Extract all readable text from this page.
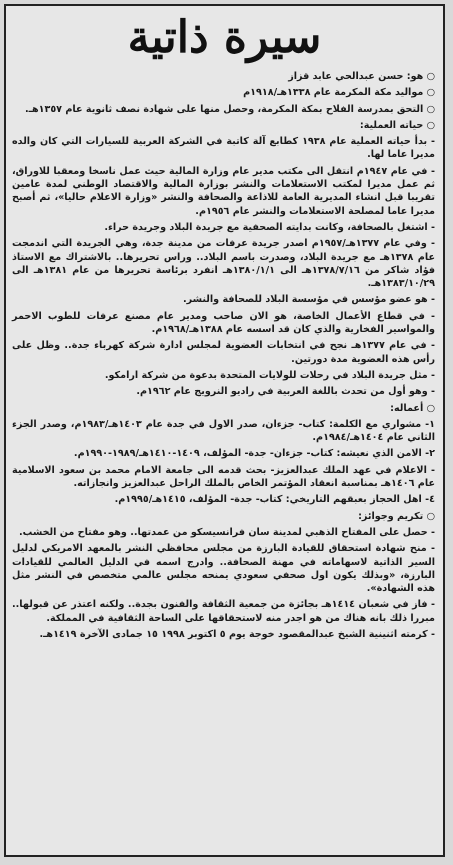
سيرة ذاتية

○ هو: حسن عبدالحي عابد قزاز

○ مواليد مكة المكرمة عام ١٣٣٨هـ/١٩١٨م

○ التحق بمدرسة الفلاح بمكة المكرمة، وحصل منها على شهادة نصف ثانوية عام ١٣٥٧هـ.

○ حياته العملية:

- بدأ حياته العملية عام ١٩٣٨ كطابع آلة كاتبة في الشركة العربية للسيارات التي كان والده مديرا عاما لها.

- في عام ١٩٤٧م انتقل الى مكتب مدير عام وزارة المالية حيث عمل ناسخا ومعقبا للاوراق، ثم عمل مديرا لمكتب الاستعلامات والنشر بوزارة المالية والاقتصاد الوطني لمدة عامين تقريبا قبل انشاء المديرية العامة للاذاعة والصحافة والنشر «وزارة الاعلام حاليا»، ثم أصبح مديرا عاما لمصلحة الاستعلامات والنشر عام ١٩٥٦م.

- اشتغل بالصحافة، وكانت بدايته الصحفية مع جريدة البلاد وجريدة حراء.

- وفي عام ١٣٧٧هـ/١٩٥٧م اصدر جريدة عرفات من مدينة جدة، وهي الجريدة التي اندمجت عام ١٣٧٨هـ مع جريدة البلاد، وصدرت باسم البلاد.. وراس تحريرها.. بالاشتراك مع الاستاذ فؤاد شاكر من ١٣٧٨/٧/١٦هـ الى ١٣٨٠/١/١هـ انفرد برئاسة تحريرها من عام ١٣٨١هـ الى ١٣٨٣/١٠/٢٩هـ.

- هو عضو مؤسس في مؤسسة البلاد للصحافة والنشر.

- في قطاع الأعمال الخاصة، هو الان صاحب ومدير عام مصنع عرفات للطوب الاحمر والمواسير الفخارية والذي كان قد اسسه عام ١٣٨٨هـ/١٩٦٨م.

- في عام ١٣٧٧هـ نجح في انتخابات العضوية لمجلس ادارة شركة كهرباء جدة.. وظل على رأس هذه العضوية مدة دورتين.

- مثل جريدة البلاد في رحلات للولايات المتحدة بدعوة من شركة ارامكو.

- وهو أول من تحدث باللغة العربية في راديو النرويج عام ١٩٦٢م.

○ أعماله:

١- مشواري مع الكلمة: كتاب- جزءان، صدر الاول في جدة عام ١٤٠٣هـ/١٩٨٣م، وصدر الجزء الثاني عام ١٤٠٤هـ/١٩٨٤م.

٢- الامن الذي نعيشه: كتاب- جزءان- جدة- المؤلف، ١٤٠٩-١٤١٠هـ/١٩٨٩-١٩٩٠م.

- الاعلام في عهد الملك عبدالعزيز- بحث قدمه الى جامعة الامام محمد بن سعود الاسلامية عام ١٤٠٦هـ بمناسبة انعقاد المؤتمر الخاص بالملك الراحل عبدالعزيز وانجازاته.

٤- اهل الحجاز بعبقهم التاريخي: كتاب- جدة- المؤلف، ١٤١٥هـ/١٩٩٥م.

○ تكريم وجوائز:

- حصل على المفتاح الذهبي لمدينة سان فرانسيسكو من عمدتها.. وهو مفتاح من الخشب.

- منح شهادة استحقاق للقيادة البارزة من مجلس محافظي النشر بالمعهد الامريكي لدليل السير الذاتية لاسهاماته في مهنة الصحافة.. وادرج اسمه في الدليل العالمي للقيادات البارزة، «وبذلك يكون اول صحفي سعودي يمنحه مجلس عالمي متخصص في النشر مثل هذه الشهادة».

- فاز في شعبان ١٤١٤هـ بجائزة من جمعية الثقافة والفنون بجدة.. ولكنه اعتذر عن قبولها.. مبررا ذلك بانه هناك من هو اجدر منه لاستحقاقها على الساحة الثقافية في المملكة.

- كرمته اثنينية الشيخ عبدالمقصود خوجة يوم ٥ اكتوبر ١٩٩٨ ١٥ جمادى الآخرة ١٤١٩هـ.
